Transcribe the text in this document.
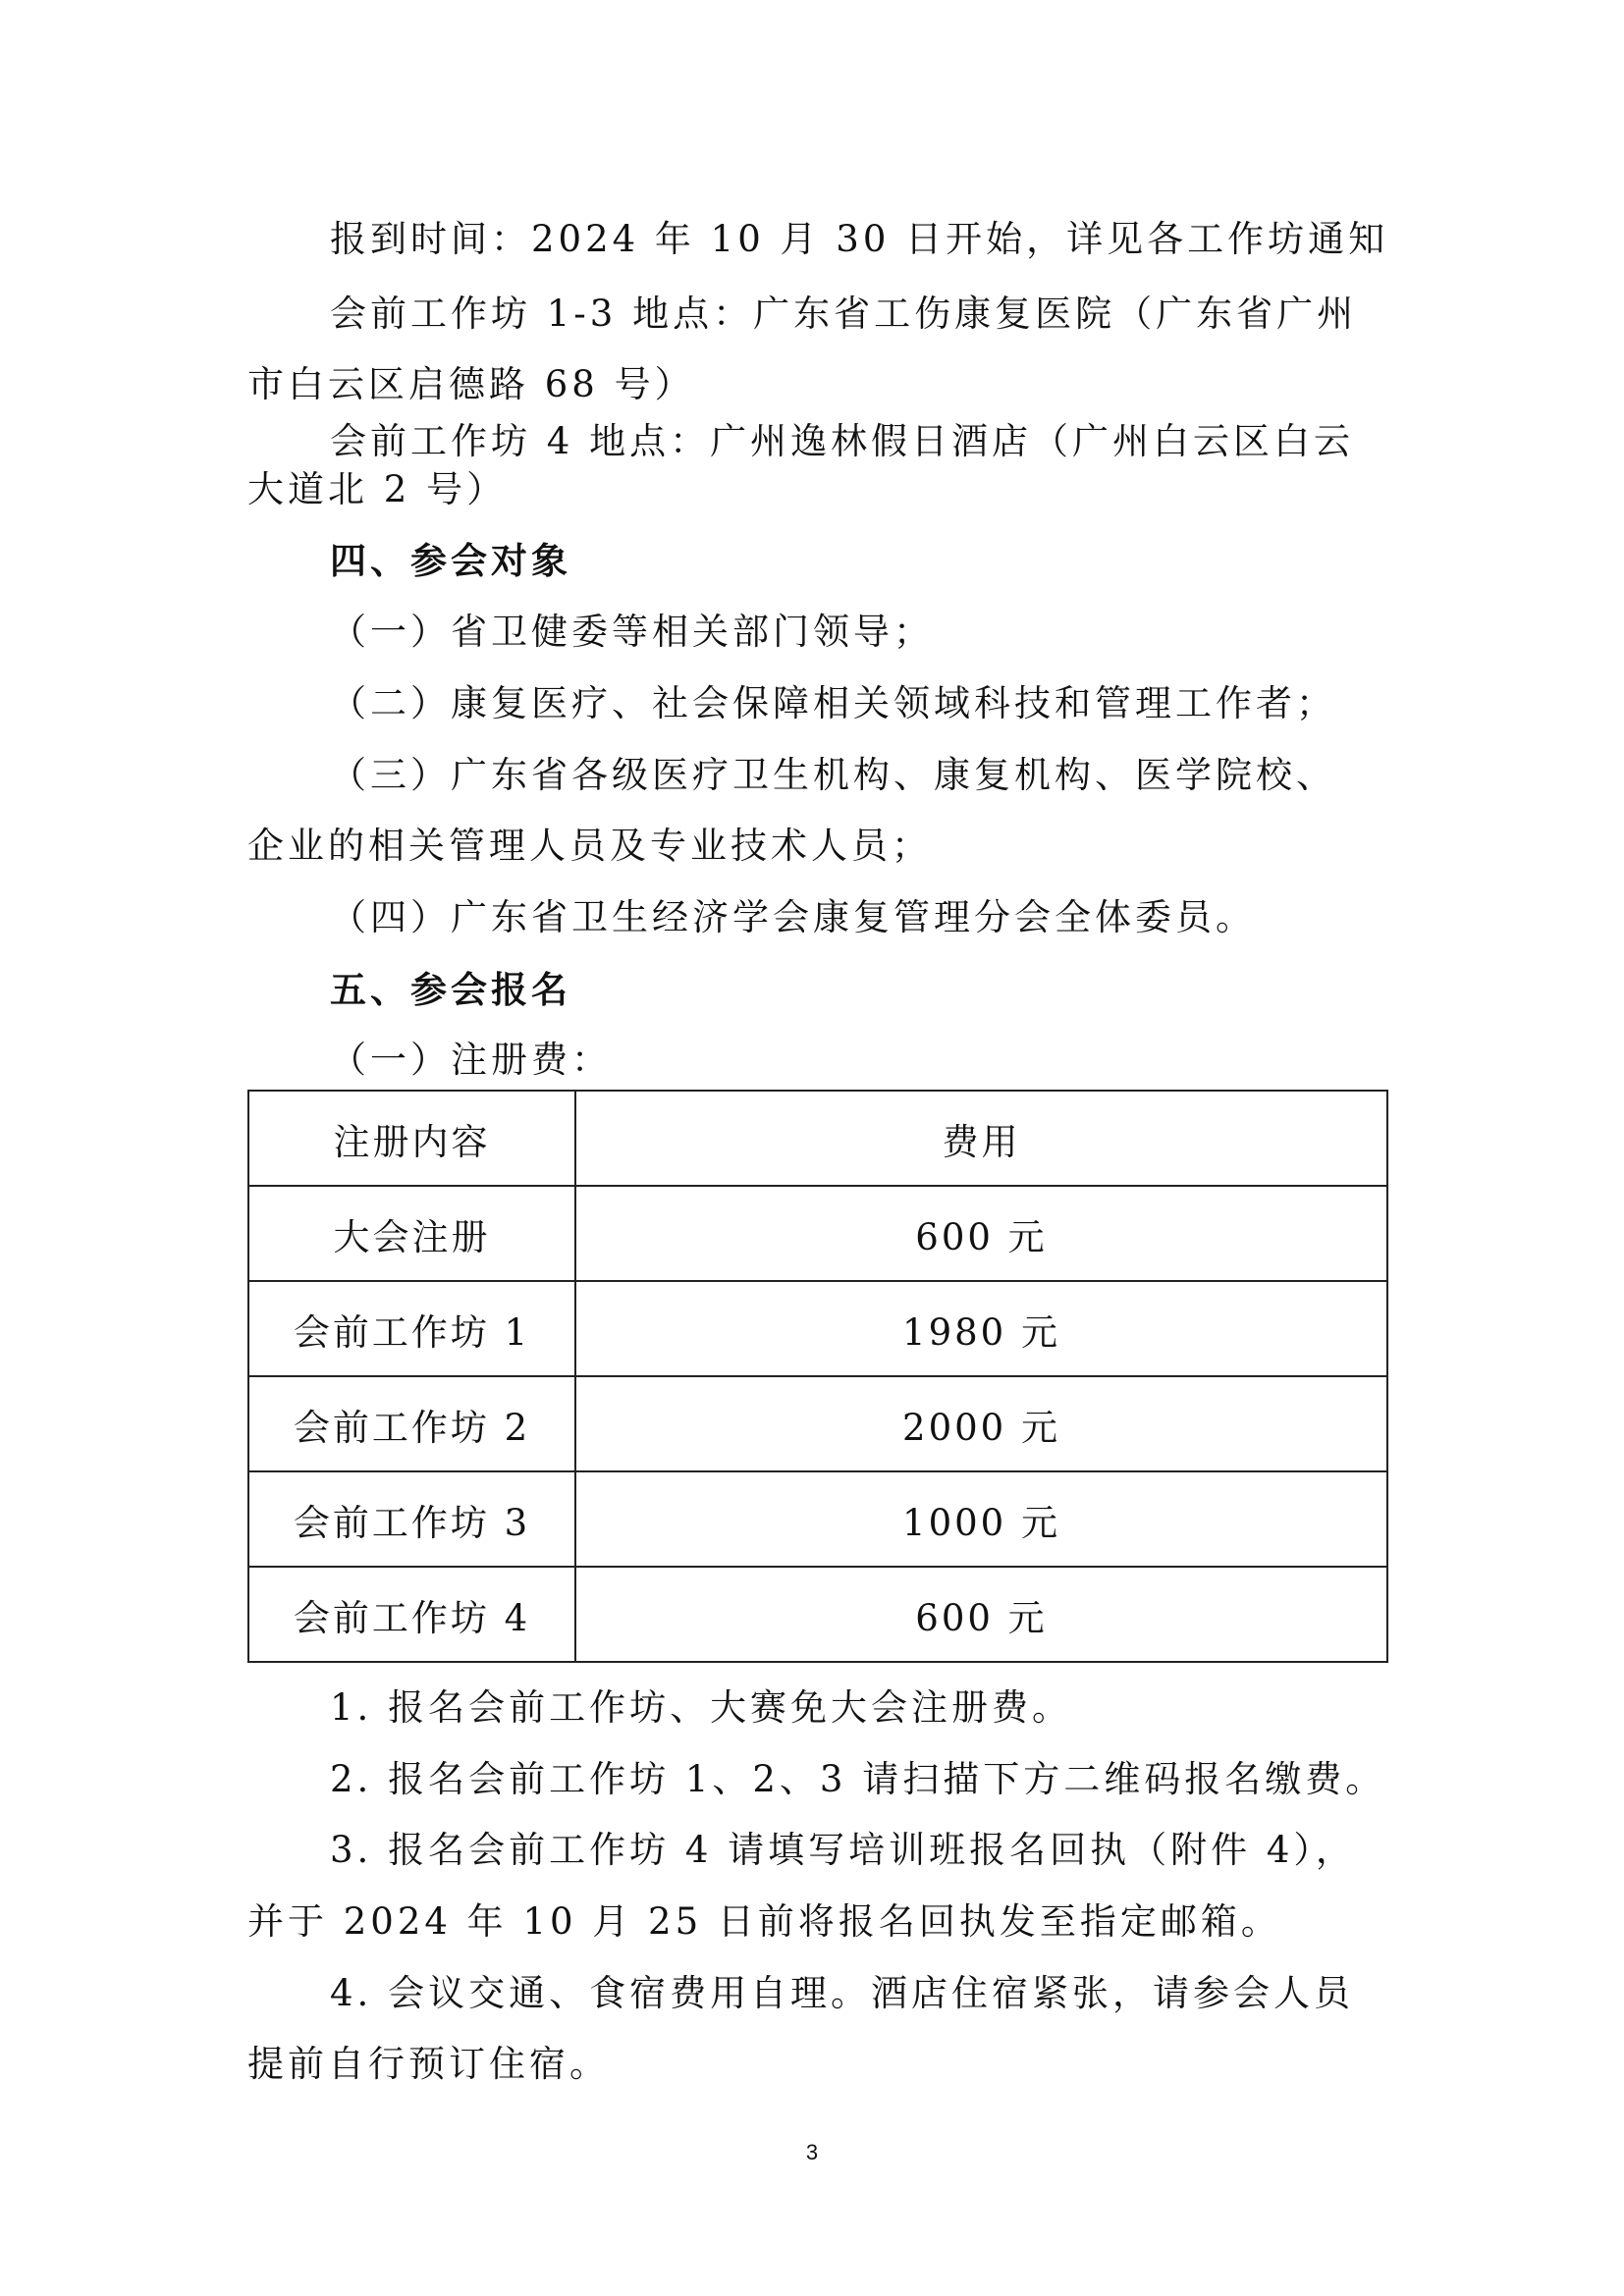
报到时间：2024 年 10 月 30 日开始，详见各工作坊通知
会前工作坊 1-3 地点：广东省工伤康复医院（广东省广州
市白云区启德路 68 号）
会前工作坊 4 地点：广州逸林假日酒店（广州白云区白云
大道北 2 号）
四、参会对象
（一）省卫健委等相关部门领导；
（二）康复医疗、社会保障相关领域科技和管理工作者；
（三）广东省各级医疗卫生机构、康复机构、医学院校、
企业的相关管理人员及专业技术人员；
（四）广东省卫生经济学会康复管理分会全体委员。
五、参会报名
（一）注册费：
注册内容	费用
大会注册	600 元
会前工作坊 1	1980 元
会前工作坊 2	2000 元
会前工作坊 3	1000 元
会前工作坊 4	600 元
1. 报名会前工作坊、大赛免大会注册费。
2. 报名会前工作坊 1、2、3 请扫描下方二维码报名缴费。
3. 报名会前工作坊 4 请填写培训班报名回执（附件 4），
并于 2024 年 10 月 25 日前将报名回执发至指定邮箱。
4. 会议交通、食宿费用自理。酒店住宿紧张，请参会人员
提前自行预订住宿。
3
